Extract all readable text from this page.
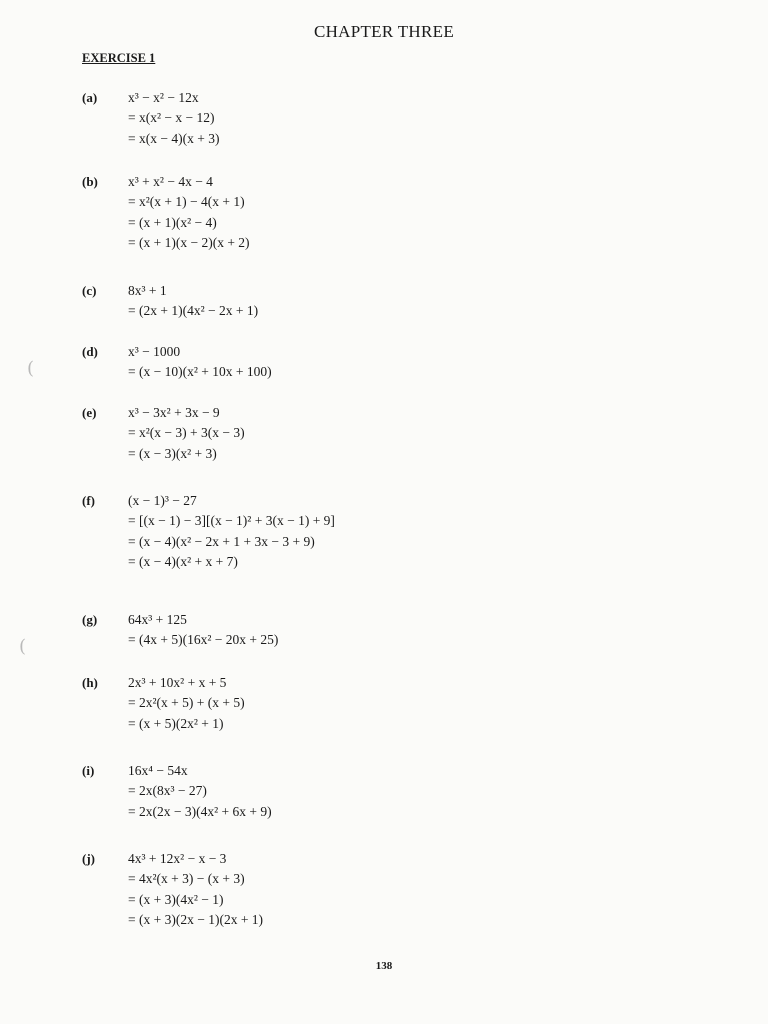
CHAPTER THREE
EXERCISE 1
(a) x³ − x² − 12x
= x(x² − x − 12)
= x(x − 4)(x + 3)
(b) x³ + x² − 4x − 4
= x²(x + 1) − 4(x + 1)
= (x + 1)(x² − 4)
= (x + 1)(x − 2)(x + 2)
(c) 8x³ + 1
= (2x + 1)(4x² − 2x + 1)
(d) x³ − 1000
= (x − 10)(x² + 10x + 100)
(e) x³ − 3x² + 3x − 9
= x²(x − 3) + 3(x − 3)
= (x − 3)(x² + 3)
(f) (x − 1)³ − 27
= [(x − 1) − 3][(x − 1)² + 3(x − 1) + 9]
= (x − 4)(x² − 2x + 1 + 3x − 3 + 9)
= (x − 4)(x² + x + 7)
(g) 64x³ + 125
= (4x + 5)(16x² − 20x + 25)
(h) 2x³ + 10x² + x + 5
= 2x²(x + 5) + (x + 5)
= (x + 5)(2x² + 1)
(i) 16x⁴ − 54x
= 2x(8x³ − 27)
= 2x(2x − 3)(4x² + 6x + 9)
(j) 4x³ + 12x² − x − 3
= 4x²(x + 3) − (x + 3)
= (x + 3)(4x² − 1)
= (x + 3)(2x − 1)(2x + 1)
(
(
138
